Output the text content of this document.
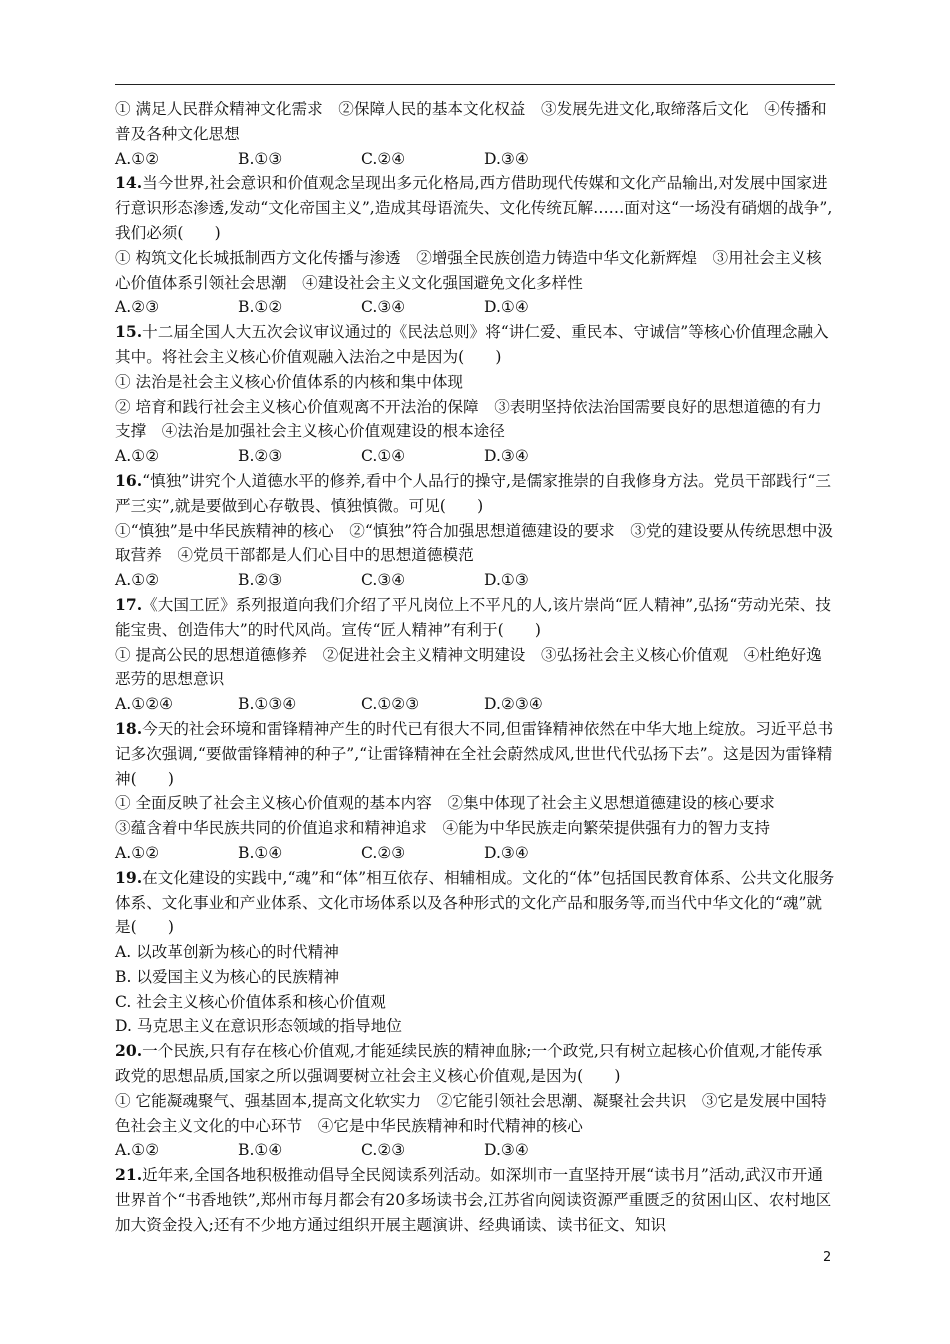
① 满足人民群众精神文化需求　②保障人民的基本文化权益　③发展先进文化,取缔落后文化　④传播和普及各种文化思想

A.①②	B.①③	C.②④	D.③④

14.当今世界,社会意识和价值观念呈现出多元化格局,西方借助现代传媒和文化产品输出,对发展中国家进行意识形态渗透,发动“文化帝国主义”,造成其母语流失、文化传统瓦解……面对这“一场没有硝烟的战争”,我们必须(　　)

① 构筑文化长城抵制西方文化传播与渗透　②增强全民族创造力铸造中华文化新辉煌　③用社会主义核心价值体系引领社会思潮　④建设社会主义文化强国避免文化多样性

A.②③	B.①②	C.③④	D.①④

15.十二届全国人大五次会议审议通过的《民法总则》将“讲仁爱、重民本、守诚信”等核心价值理念融入其中。将社会主义核心价值观融入法治之中是因为(　　)

① 法治是社会主义核心价值体系的内核和集中体现

② 培育和践行社会主义核心价值观离不开法治的保障　③表明坚持依法治国需要良好的思想道德的有力支撑　④法治是加强社会主义核心价值观建设的根本途径

A.①②	B.②③	C.①④	D.③④

16.“慎独”讲究个人道德水平的修养,看中个人品行的操守,是儒家推崇的自我修身方法。党员干部践行“三严三实”,就是要做到心存敬畏、慎独慎微。可见(　　)

①“慎独”是中华民族精神的核心　②“慎独”符合加强思想道德建设的要求　③党的建设要从传统思想中汲取营养　④党员干部都是人们心目中的思想道德模范

A.①②	B.②③	C.③④	D.①③

17.《大国工匠》系列报道向我们介绍了平凡岗位上不平凡的人,该片崇尚“匠人精神”,弘扬“劳动光荣、技能宝贵、创造伟大”的时代风尚。宣传“匠人精神”有利于(　　)

① 提高公民的思想道德修养　②促进社会主义精神文明建设　③弘扬社会主义核心价值观　④杜绝好逸恶劳的思想意识

A.①②④	B.①③④	C.①②③	D.②③④

18.今天的社会环境和雷锋精神产生的时代已有很大不同,但雷锋精神依然在中华大地上绽放。习近平总书记多次强调,“要做雷锋精神的种子”,“让雷锋精神在全社会蔚然成风,世世代代弘扬下去”。这是因为雷锋精神(　　)

① 全面反映了社会主义核心价值观的基本内容　②集中体现了社会主义思想道德建设的核心要求

③蕴含着中华民族共同的价值追求和精神追求　④能为中华民族走向繁荣提供强有力的智力支持

A.①②	B.①④	C.②③	D.③④

19.在文化建设的实践中,“魂”和“体”相互依存、相辅相成。文化的“体”包括国民教育体系、公共文化服务体系、文化事业和产业体系、文化市场体系以及各种形式的文化产品和服务等,而当代中华文化的“魂”就是(　　)

A. 以改革创新为核心的时代精神

B. 以爱国主义为核心的民族精神

C. 社会主义核心价值体系和核心价值观

D. 马克思主义在意识形态领域的指导地位

20.一个民族,只有存在核心价值观,才能延续民族的精神血脉;一个政党,只有树立起核心价值观,才能传承政党的思想品质,国家之所以强调要树立社会主义核心价值观,是因为(　　)

① 它能凝魂聚气、强基固本,提高文化软实力　②它能引领社会思潮、凝聚社会共识　③它是发展中国特色社会主义文化的中心环节　④它是中华民族精神和时代精神的核心

A.①②	B.①④	C.②③	D.③④

21.近年来,全国各地积极推动倡导全民阅读系列活动。如深圳市一直坚持开展“读书月”活动,武汉市开通世界首个“书香地铁”,郑州市每月都会有20多场读书会,江苏省向阅读资源严重匮乏的贫困山区、农村地区加大资金投入;还有不少地方通过组织开展主题演讲、经典诵读、读书征文、知识

2
